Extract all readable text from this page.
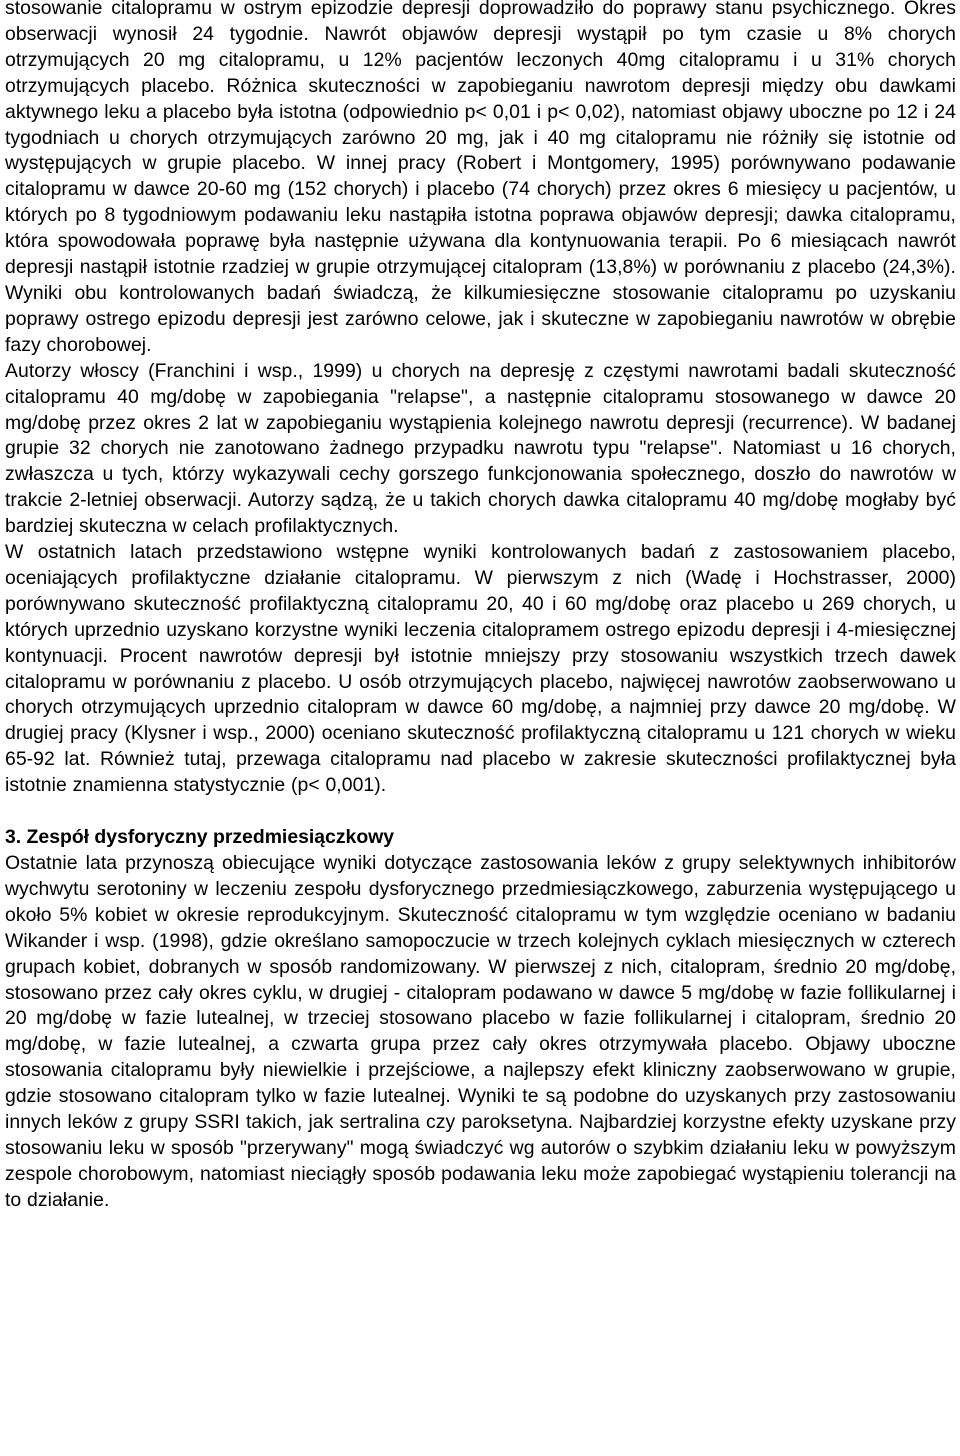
stosowanie citalopramu w ostrym epizodzie depresji doprowadziło do poprawy stanu psychicznego. Okres obserwacji wynosił 24 tygodnie. Nawrót objawów depresji wystąpił po tym czasie u 8% chorych otrzymujących 20 mg citalopramu, u 12% pacjentów leczonych 40mg citalopramu i u 31% chorych otrzymujących placebo. Różnica skuteczności w zapobieganiu nawrotom depresji między obu dawkami aktywnego leku a placebo była istotna (odpowiednio p< 0,01 i p< 0,02), natomiast objawy uboczne po 12 i 24 tygodniach u chorych otrzymujących zarówno 20 mg, jak i 40 mg citalopramu nie różniły się istotnie od występujących w grupie placebo. W innej pracy (Robert i Montgomery, 1995) porównywano podawanie citalopramu w dawce 20-60 mg (152 chorych) i placebo (74 chorych) przez okres 6 miesięcy u pacjentów, u których po 8 tygodniowym podawaniu leku nastąpiła istotna poprawa objawów depresji; dawka citalopramu, która spowodowała poprawę była następnie używana dla kontynuowania terapii. Po 6 miesiącach nawrót depresji nastąpił istotnie rzadziej w grupie otrzymującej citalopram (13,8%) w porównaniu z placebo (24,3%). Wyniki obu kontrolowanych badań świadczą, że kilkumiesięczne stosowanie citalopramu po uzyskaniu poprawy ostrego epizodu depresji jest zarówno celowe, jak i skuteczne w zapobieganiu nawrotów w obrębie fazy chorobowej.

Autorzy włoscy (Franchini i wsp., 1999) u chorych na depresję z częstymi nawrotami badali skuteczność citalopramu 40 mg/dobę w zapobiegania "relapse", a następnie citalopramu stosowanego w dawce 20 mg/dobę przez okres 2 lat w zapobieganiu wystąpienia kolejnego nawrotu depresji (recurrence). W badanej grupie 32 chorych nie zanotowano żadnego przypadku nawrotu typu "relapse". Natomiast u 16 chorych, zwłaszcza u tych, którzy wykazywali cechy gorszego funkcjonowania społecznego, doszło do nawrotów w trakcie 2-letniej obserwacji. Autorzy sądzą, że u takich chorych dawka citalopramu 40 mg/dobę mogłaby być bardziej skuteczna w celach profilaktycznych.

W ostatnich latach przedstawiono wstępne wyniki kontrolowanych badań z zastosowaniem placebo, oceniających profilaktyczne działanie citalopramu. W pierwszym z nich (Wadę i Hochstrasser, 2000) porównywano skuteczność profilaktyczną citalopramu 20, 40 i 60 mg/dobę oraz placebo u 269 chorych, u których uprzednio uzyskano korzystne wyniki leczenia citalopramem ostrego epizodu depresji i 4-miesięcznej kontynuacji. Procent nawrotów depresji był istotnie mniejszy przy stosowaniu wszystkich trzech dawek citalopramu w porównaniu z placebo. U osób otrzymujących placebo, najwięcej nawrotów zaobserwowano u chorych otrzymujących uprzednio citalopram w dawce 60 mg/dobę, a najmniej przy dawce 20 mg/dobę. W drugiej pracy (Klysner i wsp., 2000) oceniano skuteczność profilaktyczną citalopramu u 121 chorych w wieku 65-92 lat. Również tutaj, przewaga citalopramu nad placebo w zakresie skuteczności profilaktycznej była istotnie znamienna statystycznie (p< 0,001).

3. Zespół dysforyczny przedmiesiączkowy

Ostatnie lata przynoszą obiecujące wyniki dotyczące zastosowania leków z grupy selektywnych inhibitorów wychwytu serotoniny w leczeniu zespołu dysforycznego przedmiesiączkowego, zaburzenia występującego u około 5% kobiet w okresie reprodukcyjnym. Skuteczność citalopramu w tym względzie oceniano w badaniu Wikander i wsp. (1998), gdzie określano samopoczucie w trzech kolejnych cyklach miesięcznych w czterech grupach kobiet, dobranych w sposób randomizowany. W pierwszej z nich, citalopram, średnio 20 mg/dobę, stosowano przez cały okres cyklu, w drugiej - citalopram podawano w dawce 5 mg/dobę w fazie follikularnej i 20 mg/dobę w fazie lutealnej, w trzeciej stosowano placebo w fazie follikularnej i citalopram, średnio 20 mg/dobę, w fazie lutealnej, a czwarta grupa przez cały okres otrzymywała placebo. Objawy uboczne stosowania citalopramu były niewielkie i przejściowe, a najlepszy efekt kliniczny zaobserwowano w grupie, gdzie stosowano citalopram tylko w fazie lutealnej. Wyniki te są podobne do uzyskanych przy zastosowaniu innych leków z grupy SSRI takich, jak sertralina czy paroksetyna. Najbardziej korzystne efekty uzyskane przy stosowaniu leku w sposób "przerywany" mogą świadczyć wg autorów o szybkim działaniu leku w powyższym zespole chorobowym, natomiast nieciągły sposób podawania leku może zapobiegać wystąpieniu tolerancji na to działanie.
